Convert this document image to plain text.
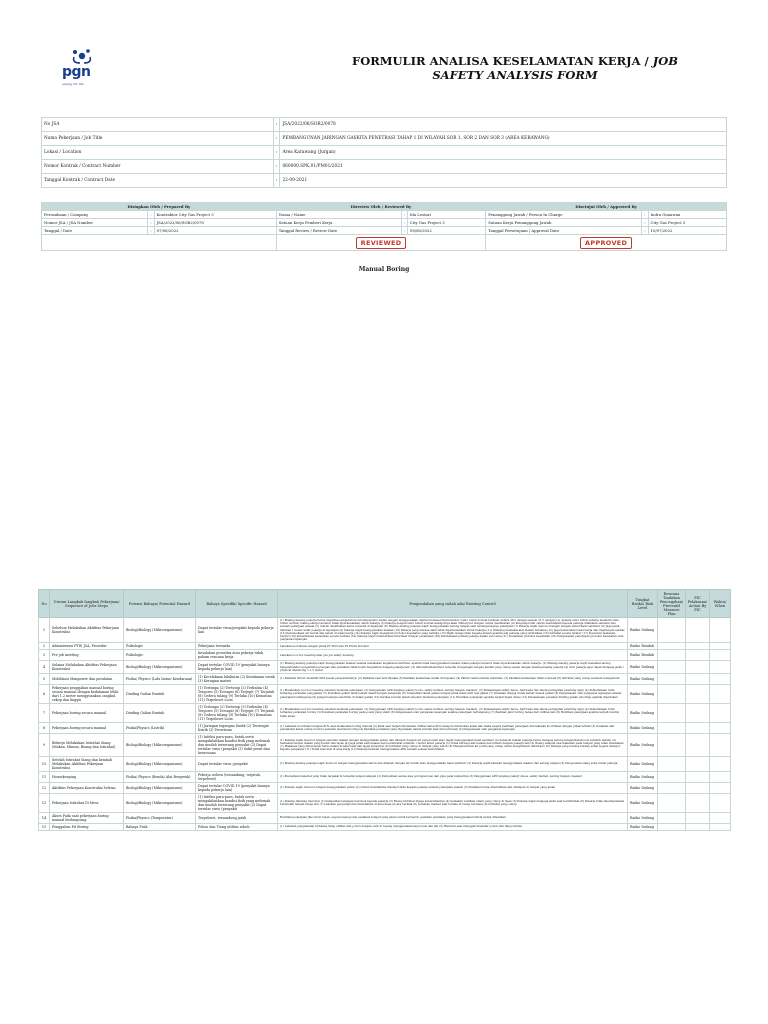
pgn
energy for life
FORMULIR ANALISA KESELAMATAN KERJA / JOB
SAFETY ANALYSIS FORM
No JSA	:	JSA/2022/06/SOR2/0078
Nama Pekerjaan / Job Title	:	PEMBANGUNAN JARINGAN GASKITA PENETRASI TAHAP 1 DI WILAYAH SOR 1, SOR 2 DAN SOR 3 (AREA KEBAWANG)
Lokasi / Location	:	Area Karawang (Jurgan)
Nomor Kontrak / Contract Number	:	060000.SPK.01/PM01/2021
Tanggal Kontrak / Contract Date	:	22-09-2021
Disiapkan Oleh / Prepared By			Direview Oleh / Reviewed By			Disetujui Oleh / Approved By		
Perusahaan / Company	:	Kontraktor City Gas Project 3	Nama / Name	:	Ida Lestari	Penanggung Jawab / Person In Charge	:	Indra Gunawan
Nomor JSA / JSA Number	:	JSA/2022/06/SOR2/0078	Satuan Kerja Pemberi Kerja	:	City Gas Project 3	Satuan Kerja Penanggung Jawab	:	City Gas Project 3
Tanggal / Date	:	07/06/2022	Tanggal Review / Review Date	:	08/06/2022	Tanggal Persetujuan / Approval Date	:	10/07/2022
			REVIEWED			APPROVED		
Manual Boring
No	Urutan Langkah-langkah Pekerjaan/ Sequence of Jobs Steps	Potensi Bahaya/ Potential Hazard	Bahaya Spesifik/ Specific Hazard	Pengendalian yang sudah ada/ Existing Control	Tingkat Risiko/ Risk Level	Rencana Tindakan Pencegahan/ Preventif Measure Plan	PIC Pelaksana/ Action By PIC	Waktu/ When
1	Sebelum Melakukan Aktifitas Pekerjaan Konstruksi	Biologi/Biology (Mikroorganisme)	Dapat tertular virus/penyakit kepada pekerja lain	(1) Masing-masing pekerja harus diperiksa temperature tubuhnya/suhu badan dengan menggunakan digital forehead thermometer (suhu tubuh normal berkisar antara 36.5 derajat sampai 37.5 derajat) (2) Apabila suhu tubuh pekerja melebihi suhu tubuh normal, maka pekerja tersebut tidak diperkenankan untuk bekerja (3) Pekerja dengan suhu tubuh normal selanjutnya akan diinterpret dengan cairan desinfektan (4) Penyemprotan cairan desinfektan kepada pekerja dilakukan sebelum dan setelah pekerjaan selesai (5) Cairan desinfektan harus tersedia di lapangan (6) Masing-masing pekerja wajib menggunakan sarung tangan saat berlangsungnya pekerjaan (7) Pekerja wajib mencuci tangan dengan sabun/hand sanitizer (8) Jaga jarak minimal 1 meter antar pekerja di lapangan (9) Pekerja wajib menggunakan masker (10) Pekerja yang merasa sakit tidak diperkenankan untuk bekerja (11) Dilarang memakai alat makan bersama (12) Jaga kebersihan lokasi kerja dan lingkungan sekitar (13) Ketersediaan air bersih dan sabun di lokasi kerja (14) Pekerja wajib mengikuti protokol kesehatan yang berlaku (15) Wajib melaporkan kepada atasan apabila ada pekerja yang terindikasi (16) Istirahat secara teratur (17) Konsumsi makanan bergizi (18) Pemeriksaan kesehatan secara berkala (19) Pekerja wajib memberikan informasi riwayat perjalanan (20) Pembatasan jumlah pekerja dalam satu area (21) Sosialisasi protokol kesehatan (22) Pengawasan penerapan protokol kesehatan oleh pengawas lapangan	Risiko Sedang			
2	Administrasi PTW, JSA, Prosedur	Psikologis	Pekerjaan tertunda	Lakukan koordinasi dengan pihak PT PGN dan PT POAS Solution	Risiko Rendah			
3	Pre job meeting	Psikologis	Kesalahan prosedur atau pekerja tidak paham rencana kerja	Lakukan tool box meeting atau pre job safety meeting	Risiko Rendah			
4	Selama Melakukan Aktifitas Pekerjaan Konstruksi	Biologi/Biology (Mikroorganisme)	Dapat tertular COVID 19 (penyakit lainnya kepada pekerja lain)	(1) Masing-masing pekerja wajib menggunakan masker selama melakukan kegiatan konstruksi, apabila tidak menggunakan masker maka pekerja tersebut tidak diperkenankan untuk bekerja. (2) Masing-masing pekerja wajib memakai sarung tangan/handscoon/pelindung tangan dan peralatan tidak boleh bergantian dengan pekerja lain. (3) Sabun/handsanitizer tersedia di lapangan dengan jumlah yang cukup sesuai dengan masing-masing pekerja (4) Atur pekerja agar dapat menjaga jarak / physical distancing 1-1.5 meter	Risiko Sedang			
5	Mobilisasi Manpower dan peralatan	Fisika/ Physics (Lalu lintas/ Kendaraan)	(1) Kecelakaan lalulintas (2) Kendaraan rusak (3) Kerugian materi	(1) Pastikan Driver memiliki SIM sesuai persyaratannya. (2) Pastikan seat belt dipakai (3) Pastikan kendaraan sudah di inspeksi. (4) Patuhi rambu-rambu lalulintas. (5) Pastikan kendaraan tidak overload (6) Istirahat yang cukup sebelum mengemudi	Risiko Sedang			
6	Pekerjaan penggalian manual boring secara manual dengan kedalaman lebih dari 1.2 meter menggunakan cangkul, sekop dan linggis	Dinding Galian Runtuh	(1) Tertimpa (2) Tertutup (3) Terlindas (4) Tergores (5) Tersayat (6) Terjepit (7) Terjatuh (8) Cedera tulang (9) Terluka (10) Kematian (11) Terpeleset Licin	(1) Melakukan tool box meeting sebelum memulai pekerjaan. (2) Penggunaan APD lengkap (safety boots, safety helmet, sarung tangan, masker). (3) Pemasangan safety fence, barricade dan tanda peringatan (warning sign) (4) Pemeriksaan rutin terhadap peralatan penggalian (5) Posisikan galian tidak terlalu dekat dengan bangunan (6) Tempatkan tanah galian dengan jarak aman dari tepi galian (7) Gunakan tangga untuk keluar masuk galian (8) Pengawasan oleh pengawas lapangan selama pekerjaan berlangsung (9) Jangan bekerja sendirian di dalam galian (10) Periksa kondisi tanah sebelum memulai pekerjaan (11) Hentikan pekerjaan apabila terjadi hujan deras (12) Pemasangan penahan dinding galian (shoring) apabila diperlukan	Risiko Sedang			
7	Pekerjaan boring secara manual	Dinding Galian Runtuh	(1) Tertimpa (2) Tertutup (3) Terlindas (4) Tergores (5) Tersayat (6) Terjepit (7) Terjatuh (8) Cedera tulang (9) Terluka (10) Kematian (11) Terpeleset Licin	(1) Melakukan tool box meeting sebelum memulai pekerjaan. (2) Penggunaan APD lengkap (safety boots, safety helmet, sarung tangan, masker). (3) Pemasangan safety fence, barricade dan tanda peringatan (warning sign) (4) Pemeriksaan rutin terhadap peralatan boring (5) Posisikan peralatan boring pada posisi yang stabil (6) Pengawasan oleh pengawas lapangan selama pekerjaan berlangsung (7) Pastikan jalur boring bebas dari utilitas lain (8) Hentikan pekerjaan apabila terjadi kondisi tidak aman	Risiko Sedang			
8	Pekerjaan boring secara manual	Fisika/Physics (Listrik)	(1) Jaringan tegangan listrik (2) Tersengat listrik (3) Tersetrum	(1) Lakukan koordinasi dengan PLN saat melakukan boring manual (2) Pada saat terjadi ditemukan utilitas kabel PLN ataupun ditemukan kabel lain maka segera hentikan pekerjaan dan lakukan koordinasi dengan pihak terkait (3) Gunakan alat pendeteksi kabel (cable locator) sebelum memulai boring (4) Pastikan peralatan yang digunakan dalam kondisi baik dan terisolasi (5) Pengawasan oleh pengawas lapangan	Risiko Sedang			
9	Bekerja Melakukan Istirahat Siang (Makan, Minum, Buang dan Istirahat)	Biologi/Biology (Mikroorganisme)	(1) Infeksi para-paru, batuk serta mengakibatkan kondisi fisik yang melemah dan mudah terserang penyakit (2) Dapat tertular virus (penyakit (3) Sakit perut dan keracunan	(1) Pekerja wajib mencuci tangan sebelum makan dengan menggunakan sabun dan dibasuh dengan air yang bersih atau dapat menggunakan hand sanitizer (2) Sebelum makan pekerja harus melepas sarung tangan/handscoon terlebih dahulu (3) Sediakan tempat makan yang bersih dan layak (4) Jaga jarak saat makan dan beristirahat minimal 1 meter antar pekerja (5) Tidak berbagi alat makan dan minum dengan pekerja lain (6) Buang sampah sisa makanan pada tempat yang telah disediakan (7) Makanan yang dikonsumsi harus dalam kondisi baik dan layak konsumsi (8) Istirahat yang cukup di tempat yang teduh (9) Mengkonsumsi air putih yang cukup untuk menghindari dehidrasi (10) Pekerja yang merasa kurang sehat segera melapor kepada pengawas (11) Tidak merokok di area kerja (12) Pekerja kembali menggunakan APD setelah selesai beristirahat	Risiko Sedang			
10	Setelah Istirahat Siang dan kembali Melakukan Aktifitas Pekerjaan Konstruksi	Biologi/Biology (Mikroorganisme)	Dapat tertular virus /penyakit	(1) Masing-masing pekerja wajib mencuci tangan menggunakan sabun dan dibasuh dengan air bersih atau menggunakan hand sanitizer (2) Pekerja wajib kembali menggunakan masker dan sarung tangan (3) Pengecekan ulang suhu tubuh pekerja	Risiko Sedang			
11	Housekeeping	Fisika/ Physics (Benda/ Alat Bergerak)	Pekerja cedera (tersandung, terjatuh, terpeleset)	(1) Merapikan material yang tidak terpakai & tersedia tempat sampah (2) Kumpulkan semua sisa potongan besi dan pipa pada tempatnya (3) Penggunaan APD lengkap (safety shoes, safety helmet, sarung tangan, masker)	Risiko Sedang			
12	Aktifitas Pekerjaan Konstruksi Selesai	Biologi/Biology (Mikroorganisme)	Dapat tertular COVID 19 (penyakit lainnya kepada pekerja lain)	(1) Pekerja wajib mencuci tangan menggunakan sabun (2) Cairan desinfektan disemprotkan kepada pekerja setelah pekerjaan selesai (3) Peralatan kerja dibersihkan dan disimpan di tempat yang aman	Risiko Sedang			
13	Pekerjaan Istirahat Di Mess	Biologi/Biology (Mikroorganisme)	(1) Infeksi para-paru, batuk serta mengakibatkan kondisi fisik yang melemah dan mudah terserang penyakit (2) Dapat tertular virus (penyakit	(1) Pekerja dilarang merokok (2) Sampaikan larangan merokok kepada pekerja (3) Ruang istirahat dijaga kebersihannya (4) Sediakan ventilasi udara yang cukup di mess (5) Pekerja wajib menjaga jarak saat beristirahat (6) Pekerja tidak diperkenankan berpindah tempat tanpa izin (7) Lakukan penyemprotan desinfektan di area mess secara berkala (8) Gunakan masker saat berada di ruang bersama (9) Istirahat yang cukup	Risiko Sedang			
14	Akses Pada saat pekerjaan boring manual berlangsung	Fisika/Physics (Temperatur)	Terpeleset, tersandung jatuh	Hentikan pekerjaan jika turun hujan, segera menepi dan sediakan tempat yang aman untuk berteduh, pastikan peralatan yang menggunakan listrik sudah dimatikan	Risiko Sedang			
15	Penggalian Pit Boring	Bahaya Fisik	Pohon dan Tiang utilitas roboh	(1) Lakukan pengamatan terhadap tiang utilitas dan pohon dengan cara di topang menggunakan kayu/ besi dan tali (2) Hati-hati saat menggali disekitar pohon dan tiang utilitas	Risiko Sedang			
